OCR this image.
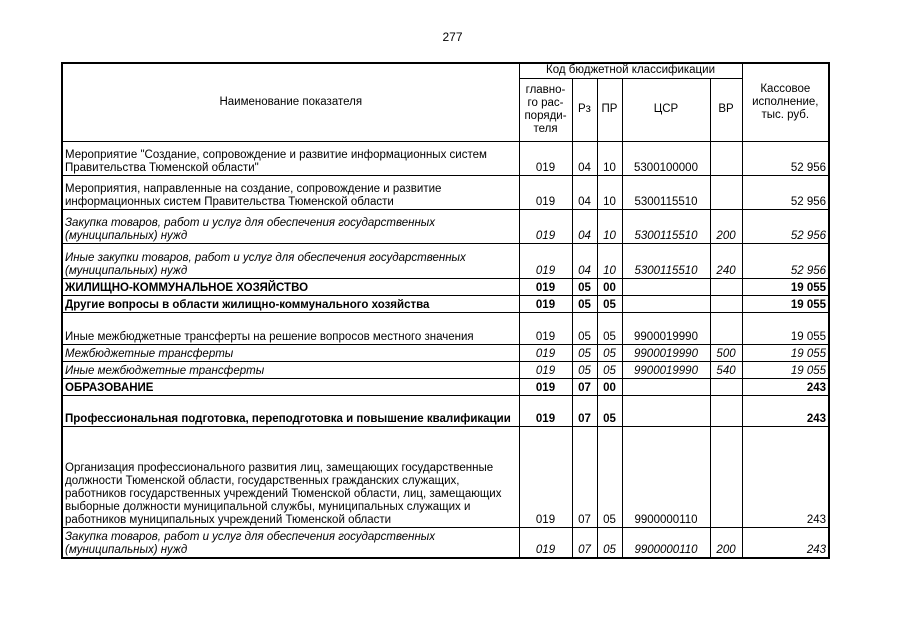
277
Наименование показателя	Код бюджетной классификации					Кассовое исполнение, тыс. руб.
	главно-го рас-поряди-теля	Рз	ПР	ЦСР	ВР	
Мероприятие "Создание, сопровождение и развитие информационных систем Правительства Тюменской области"	019	04	10	5300100000		52 956
Мероприятия, направленные на создание, сопровождение и развитие информационных систем Правительства Тюменской области	019	04	10	5300115510		52 956
Закупка товаров, работ и услуг для обеспечения государственных (муниципальных) нужд	019	04	10	5300115510	200	52 956
Иные закупки товаров, работ и услуг для обеспечения государственных (муниципальных) нужд	019	04	10	5300115510	240	52 956
ЖИЛИЩНО-КОММУНАЛЬНОЕ ХОЗЯЙСТВО	019	05	00			19 055
Другие вопросы в области жилищно-коммунального хозяйства	019	05	05			19 055
Иные межбюджетные трансферты на решение вопросов местного значения	019	05	05	9900019990		19 055
Межбюджетные трансферты	019	05	05	9900019990	500	19 055
Иные межбюджетные трансферты	019	05	05	9900019990	540	19 055
ОБРАЗОВАНИЕ	019	07	00			243
Профессиональная подготовка, переподготовка и повышение квалификации	019	07	05			243
Организация профессионального развития лиц, замещающих государственные должности Тюменской области, государственных гражданских служащих, работников государственных учреждений Тюменской области, лиц, замещающих выборные должности муниципальной службы, муниципальных служащих и работников муниципальных учреждений Тюменской области	019	07	05	9900000110		243
Закупка товаров, работ и услуг для обеспечения государственных (муниципальных) нужд	019	07	05	9900000110	200	243
